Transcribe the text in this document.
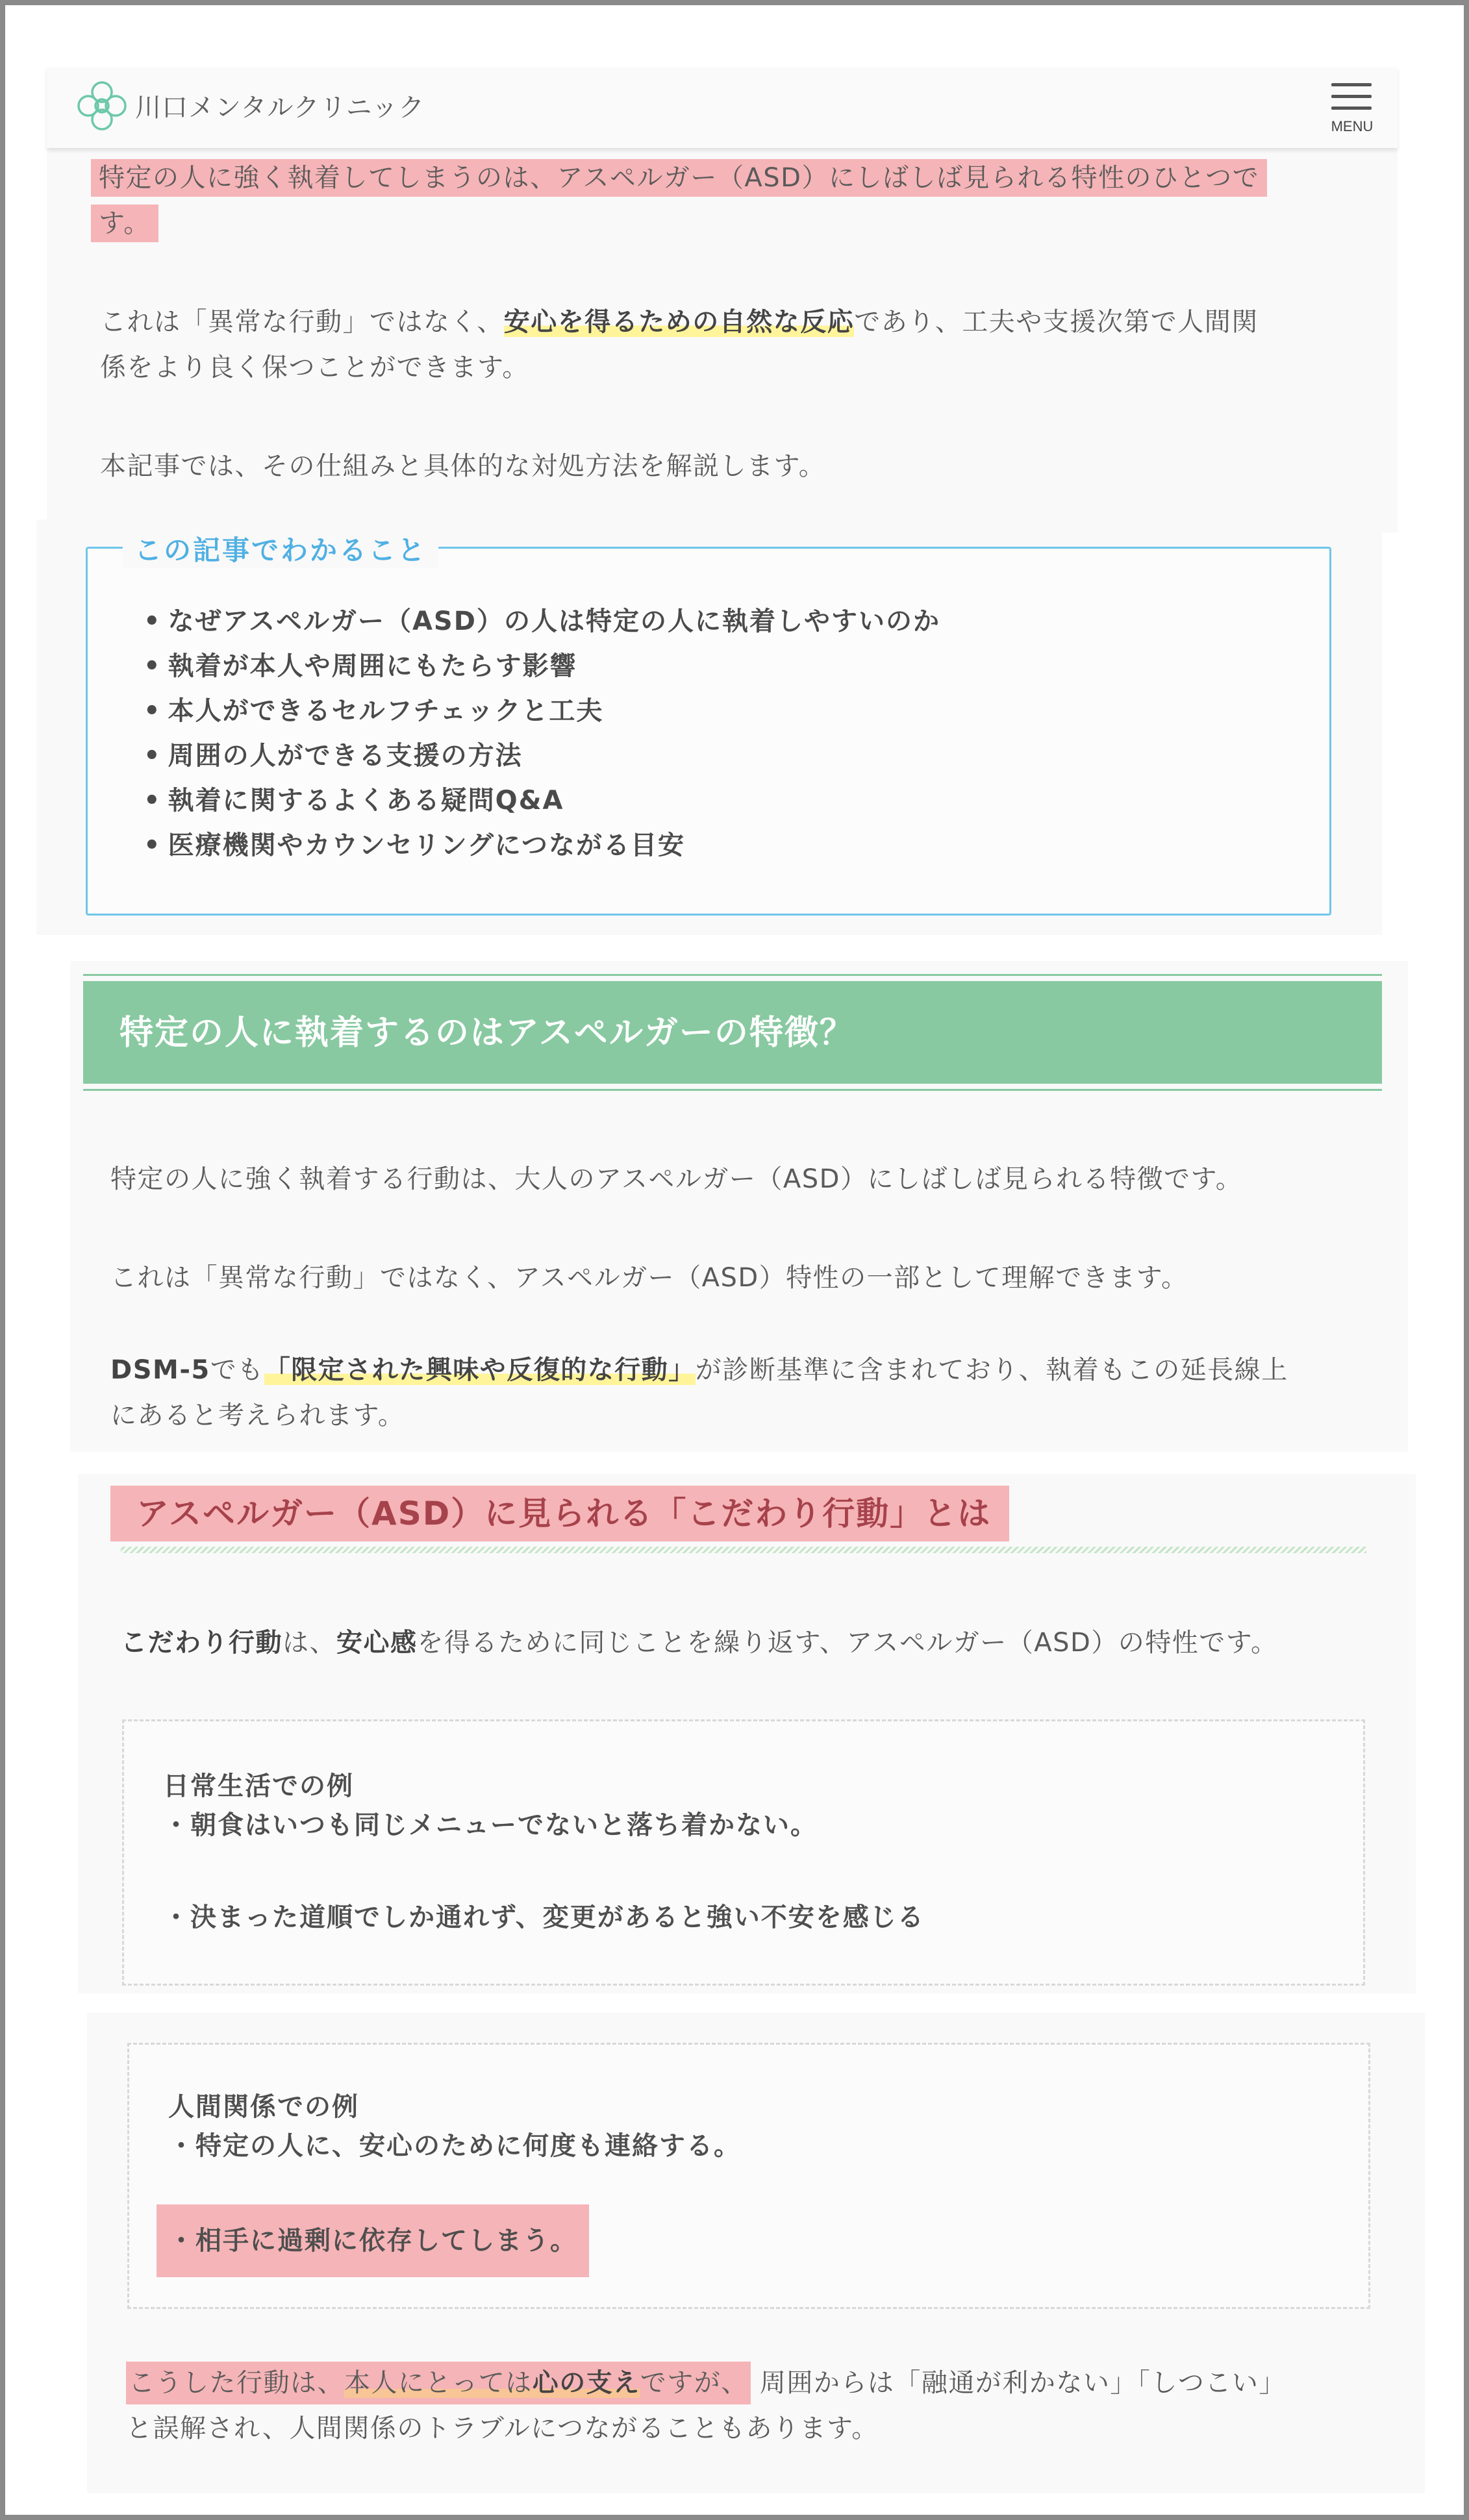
川口メンタルクリニック
MENU
特定の人に強く執着してしまうのは、アスペルガー（ASD）にしばしば見られる特性のひとつで
す。
これは「異常な行動」ではなく、安心を得るための自然な反応であり、工夫や支援次第で人間関
係をより良く保つことができます。
本記事では、その仕組みと具体的な対処方法を解説します。
この記事でわかること
• なぜアスペルガー（ASD）の人は特定の人に執着しやすいのか
• 執着が本人や周囲にもたらす影響
• 本人ができるセルフチェックと工夫
• 周囲の人ができる支援の方法
• 執着に関するよくある疑問Q&A
• 医療機関やカウンセリングにつながる目安
特定の人に執着するのはアスペルガーの特徴？
特定の人に強く執着する行動は、大人のアスペルガー（ASD）にしばしば見られる特徴です。
これは「異常な行動」ではなく、アスペルガー（ASD）特性の一部として理解できます。
DSM-5でも「限定された興味や反復的な行動」が診断基準に含まれており、執着もこの延長線上
にあると考えられます。
アスペルガー（ASD）に見られる「こだわり行動」とは
こだわり行動は、安心感を得るために同じことを繰り返す、アスペルガー（ASD）の特性です。
日常生活での例
・朝食はいつも同じメニューでないと落ち着かない。
・決まった道順でしか通れず、変更があると強い不安を感じる
人間関係での例
・特定の人に、安心のために何度も連絡する。
・相手に過剰に依存してしまう。
こうした行動は、本人にとっては心の支えですが、 周囲からは「融通が利かない」「しつこい」
と誤解され、人間関係のトラブルにつながることもあります。
